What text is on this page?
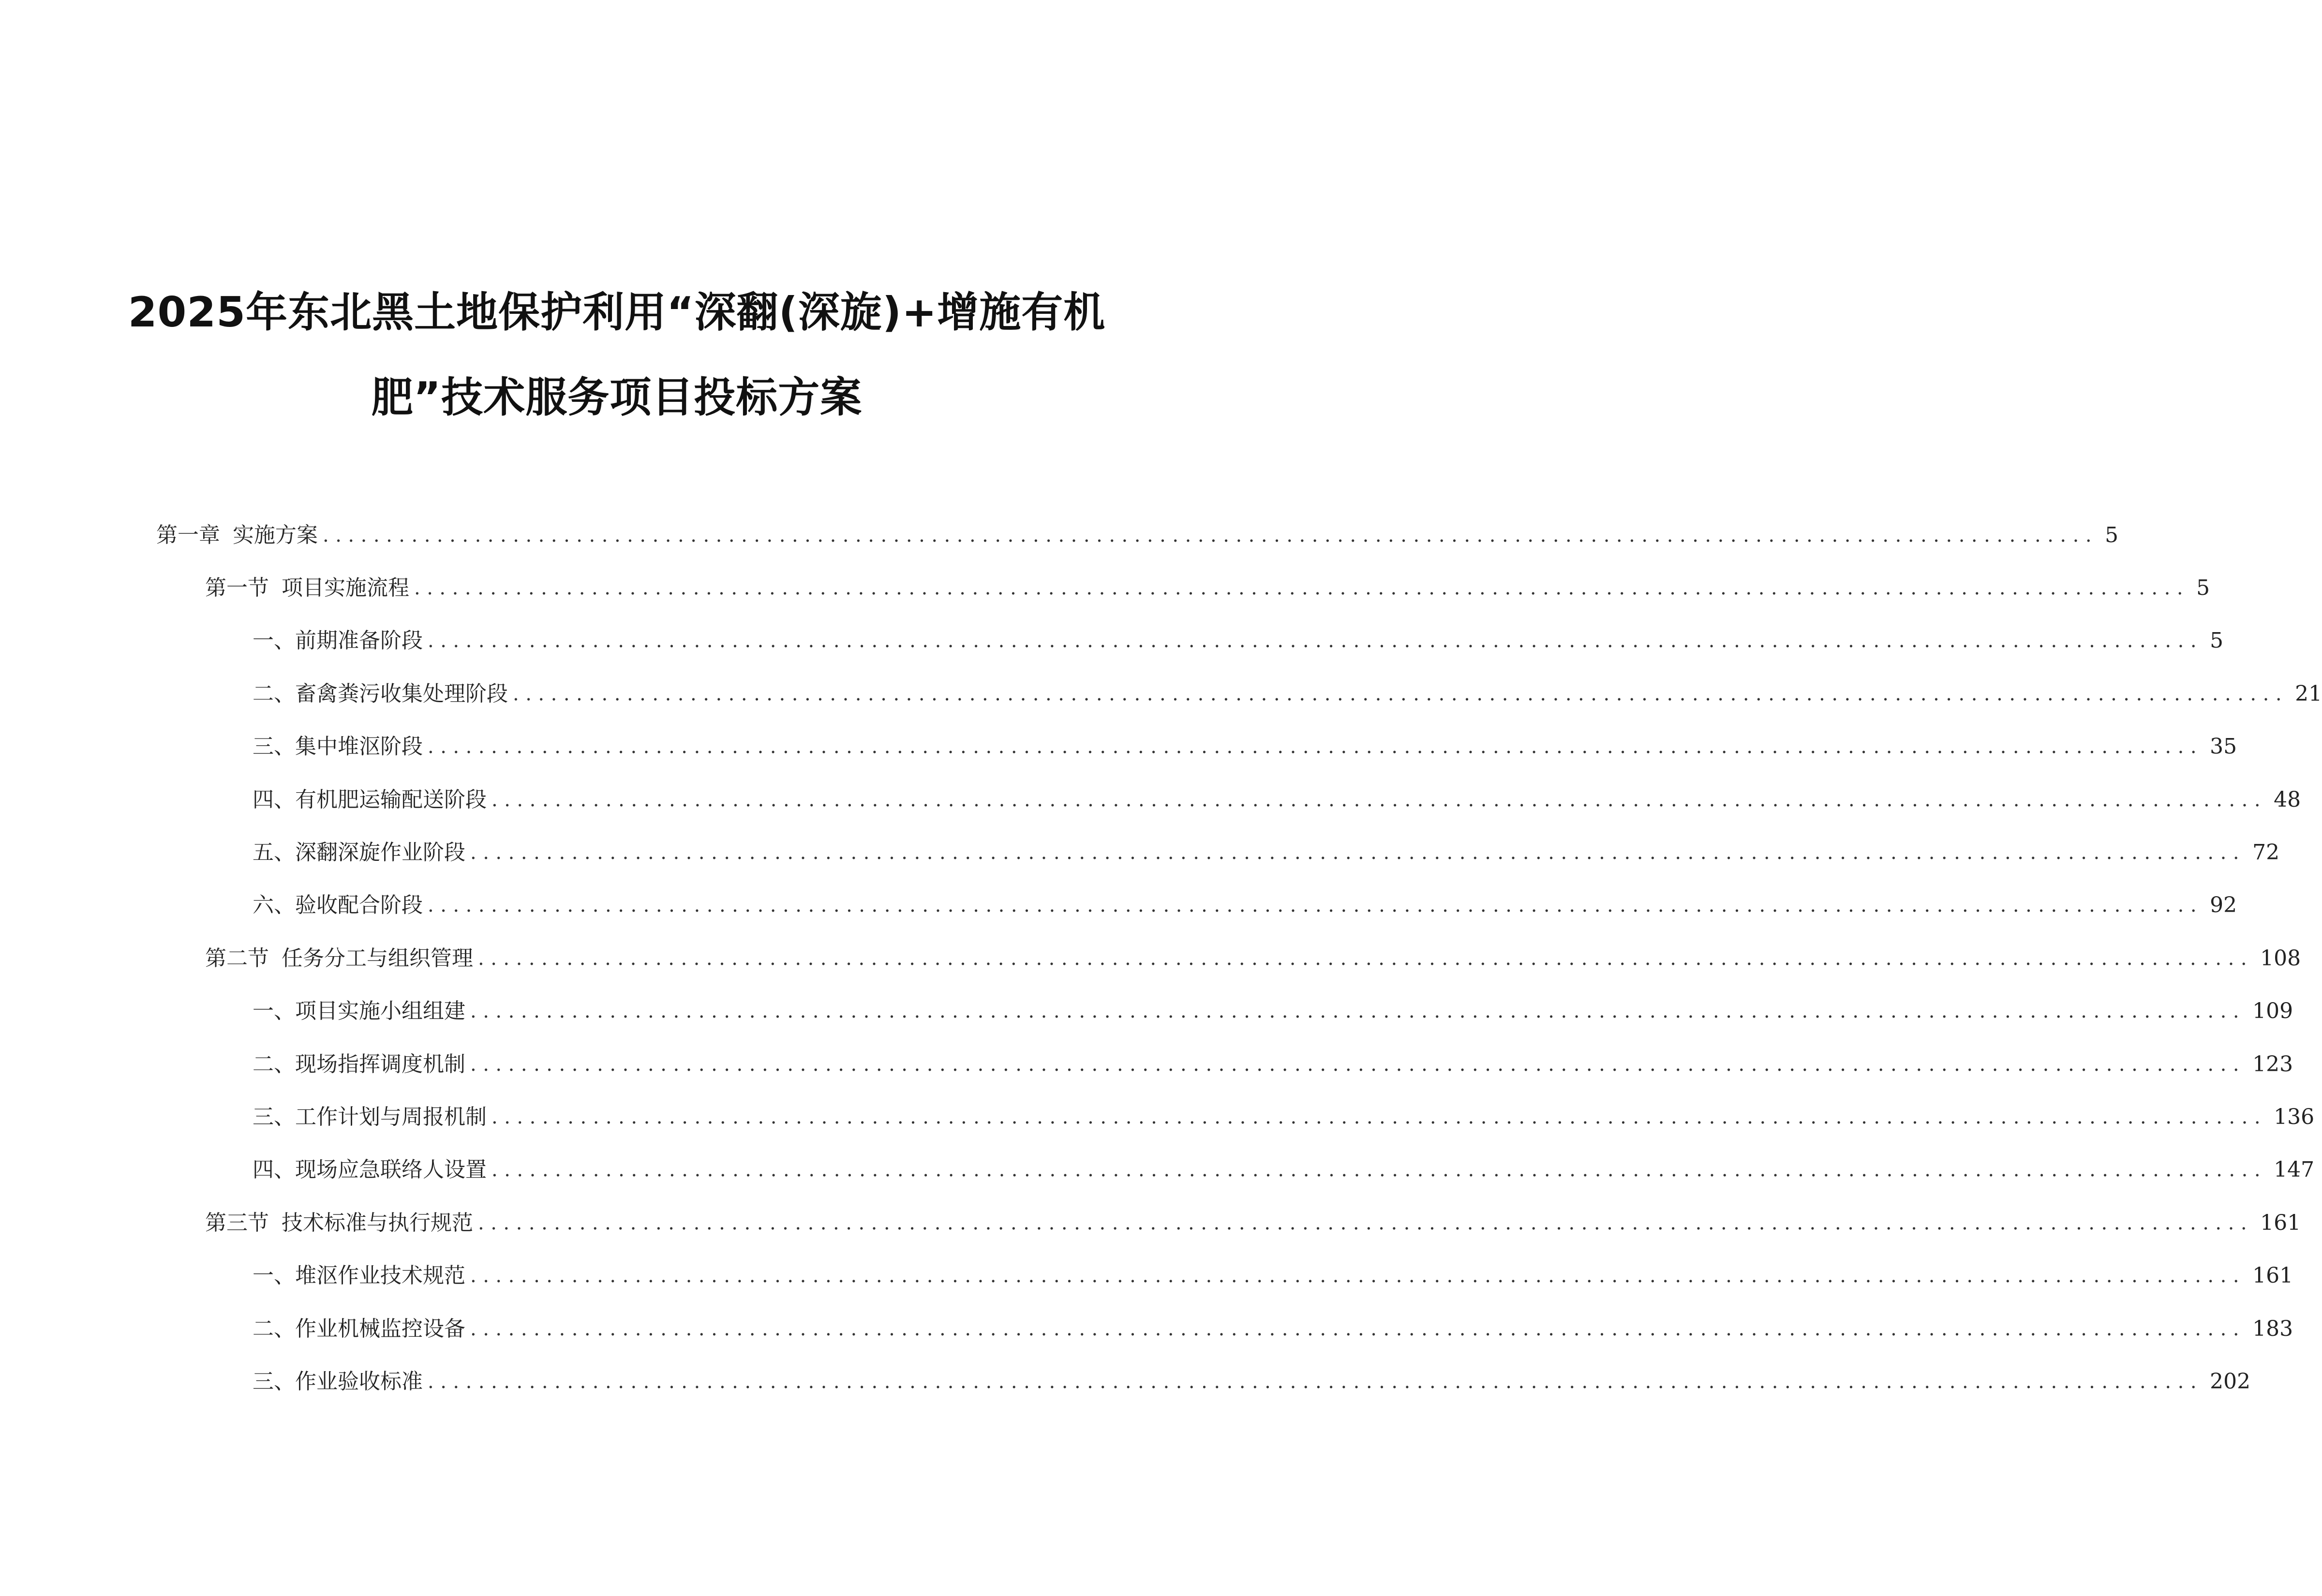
2025年东北黑土地保护利用“深翻(深旋)+增施有机
肥”技术服务项目投标方案
第一章 实施方案 ............................................................................................................................................ 5
第一节 项目实施流程 ............................................................................................................................................ 5
一、 前期准备阶段 ............................................................................................................................................ 5
二、 畜禽粪污收集处理阶段 ............................................................................................................................................ 21
三、 集中堆沤阶段 ............................................................................................................................................ 35
四、 有机肥运输配送阶段 ............................................................................................................................................ 48
五、 深翻深旋作业阶段 ............................................................................................................................................ 72
六、 验收配合阶段 ............................................................................................................................................ 92
第二节 任务分工与组织管理 ............................................................................................................................................ 108
一、 项目实施小组组建 ............................................................................................................................................ 109
二、 现场指挥调度机制 ............................................................................................................................................ 123
三、 工作计划与周报机制 ............................................................................................................................................ 136
四、 现场应急联络人设置 ............................................................................................................................................ 147
第三节 技术标准与执行规范 ............................................................................................................................................ 161
一、 堆沤作业技术规范 ............................................................................................................................................ 161
二、 作业机械监控设备 ............................................................................................................................................ 183
三、 作业验收标准 ............................................................................................................................................ 202
